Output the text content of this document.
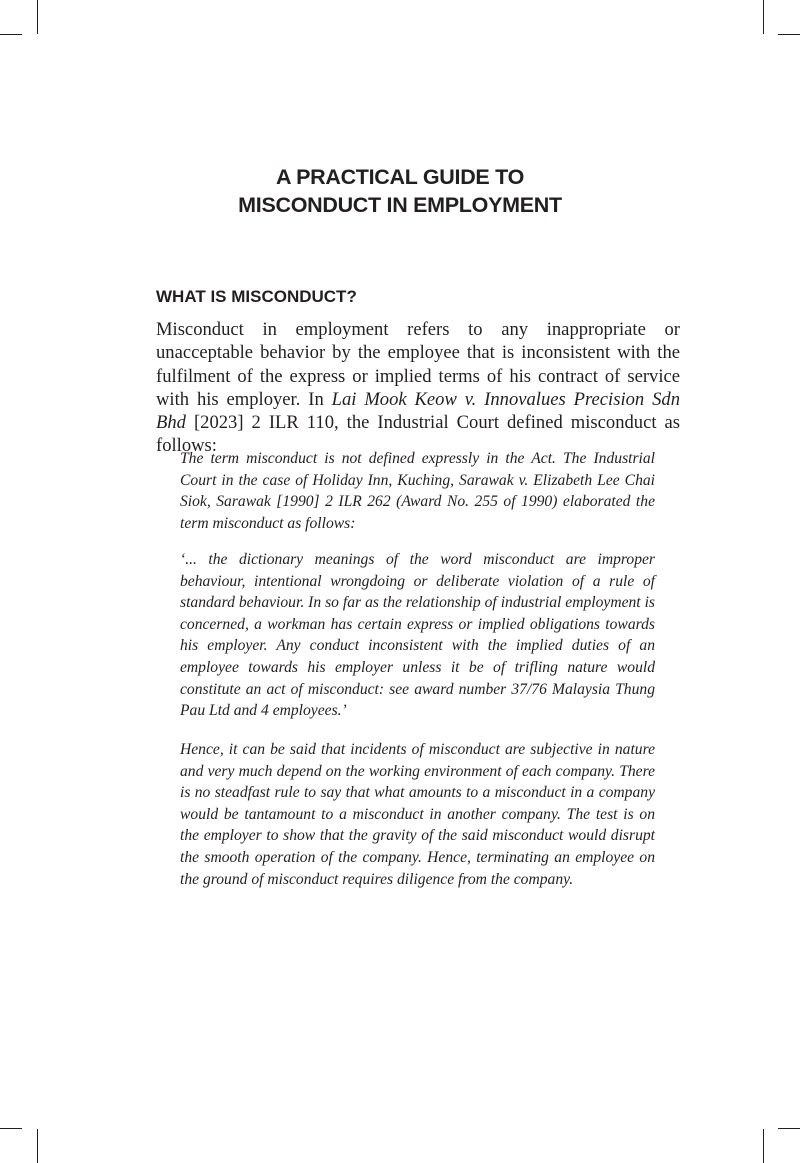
A PRACTICAL GUIDE TO
MISCONDUCT IN EMPLOYMENT
WHAT IS MISCONDUCT?

Misconduct in employment refers to any inappropriate or unacceptable behavior by the employee that is inconsistent with the fulfilment of the express or implied terms of his contract of service with his employer. In Lai Mook Keow v. Innovalues Precision Sdn Bhd [2023] 2 ILR 110, the Industrial Court defined misconduct as follows:

The term misconduct is not defined expressly in the Act. The Industrial Court in the case of Holiday Inn, Kuching, Sarawak v. Elizabeth Lee Chai Siok, Sarawak [1990] 2 ILR 262 (Award No. 255 of 1990) elaborated the term misconduct as follows:

‘... the dictionary meanings of the word misconduct are improper behaviour, intentional wrongdoing or deliberate violation of a rule of standard behaviour. In so far as the relationship of industrial employment is concerned, a workman has certain express or implied obligations towards his employer. Any conduct inconsistent with the implied duties of an employee towards his employer unless it be of trifling nature would constitute an act of misconduct: see award number 37/76 Malaysia Thung Pau Ltd and 4 employees.’

Hence, it can be said that incidents of misconduct are subjective in nature and very much depend on the working environment of each company. There is no steadfast rule to say that what amounts to a misconduct in a company would be tantamount to a misconduct in another company. The test is on the employer to show that the gravity of the said misconduct would disrupt the smooth operation of the company. Hence, terminating an employee on the ground of misconduct requires diligence from the company.
